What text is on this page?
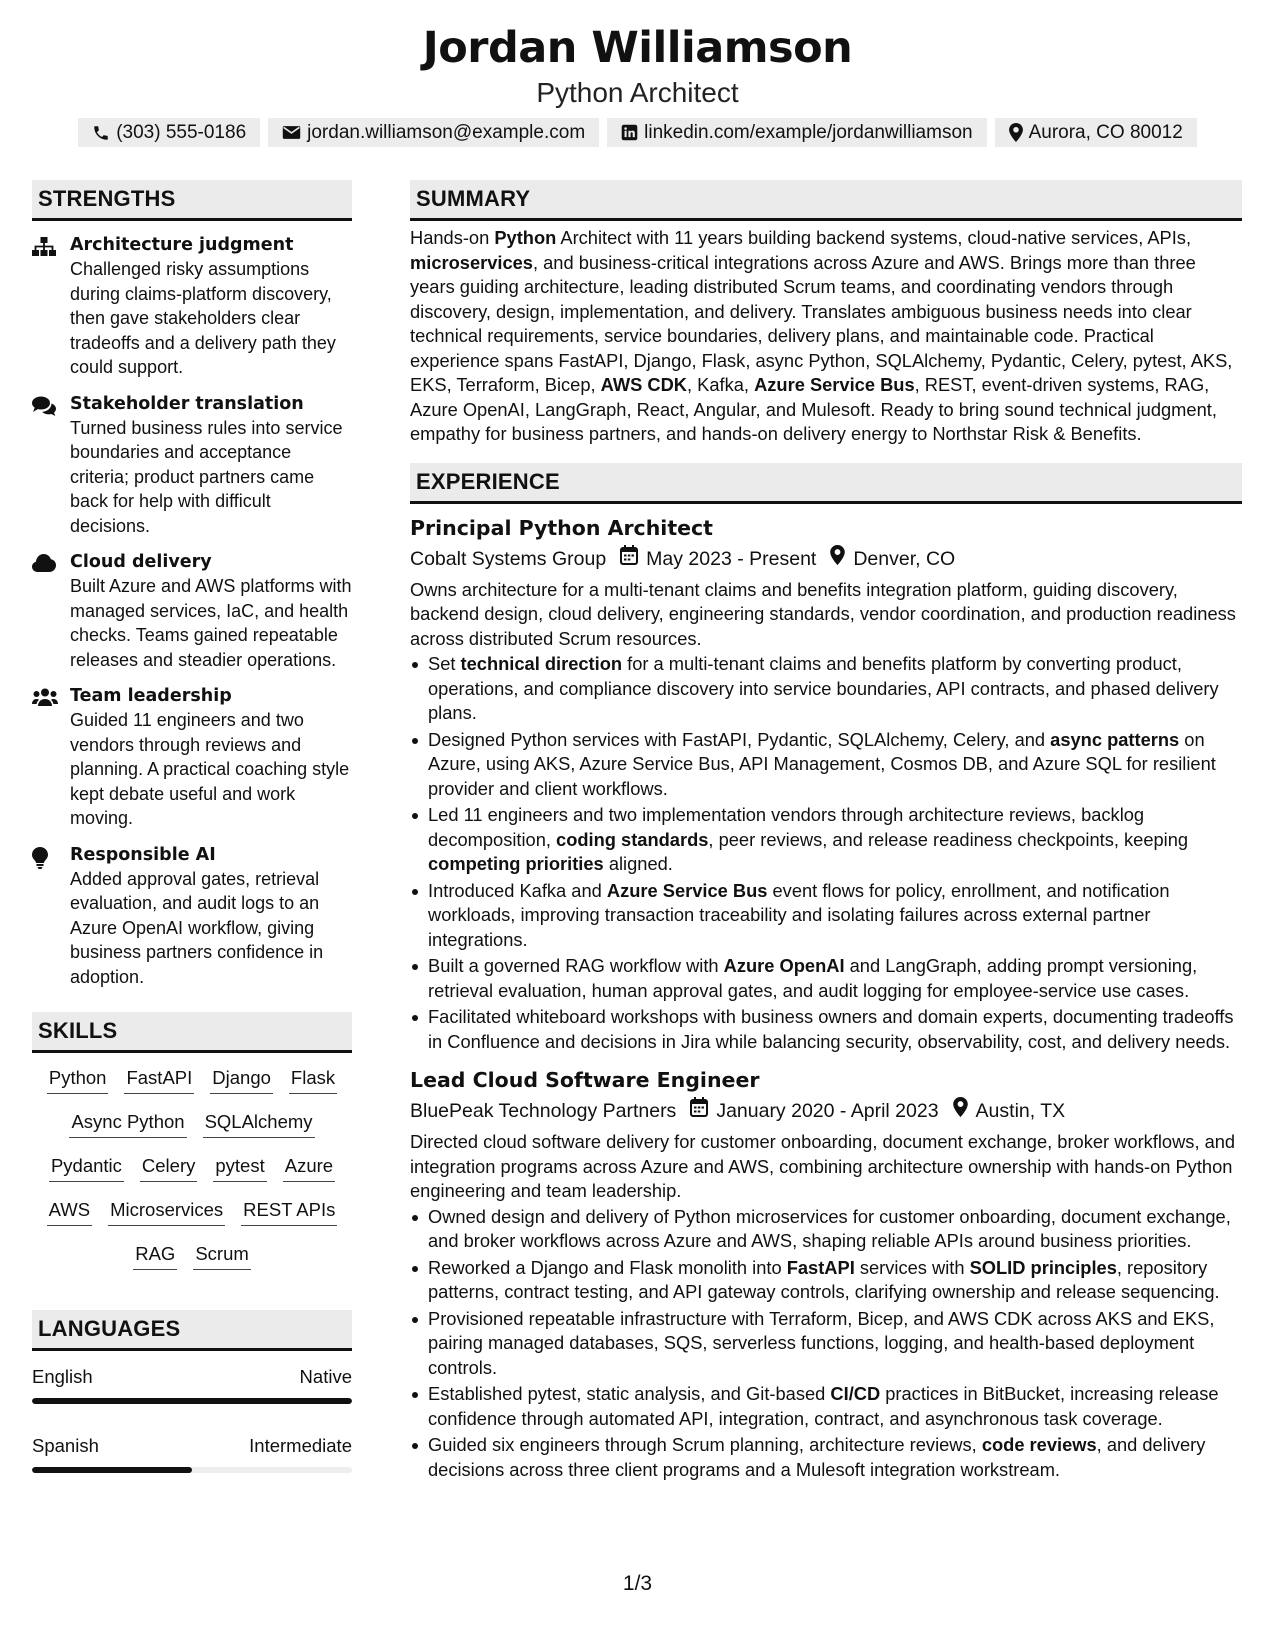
Jordan Williamson
Python Architect
(303) 555-0186	jordan.williamson@example.com	linkedin.com/example/jordanwilliamson	Aurora, CO 80012
STRENGTHS
Architecture judgment
Challenged risky assumptions during claims-platform discovery, then gave stakeholders clear tradeoffs and a delivery path they could support.
Stakeholder translation
Turned business rules into service boundaries and acceptance criteria; product partners came back for help with difficult decisions.
Cloud delivery
Built Azure and AWS platforms with managed services, IaC, and health checks. Teams gained repeatable releases and steadier operations.
Team leadership
Guided 11 engineers and two vendors through reviews and planning. A practical coaching style kept debate useful and work moving.
Responsible AI
Added approval gates, retrieval evaluation, and audit logs to an Azure OpenAI workflow, giving business partners confidence in adoption.
SKILLS
Python FastAPI Django Flask
Async Python SQLAlchemy
Pydantic Celery pytest Azure
AWS Microservices REST APIs
RAG Scrum
LANGUAGES
English	Native
Spanish	Intermediate
SUMMARY

Hands-on Python Architect with 11 years building backend systems, cloud-native services, APIs, microservices, and business-critical integrations across Azure and AWS. Brings more than three years guiding architecture, leading distributed Scrum teams, and coordinating vendors through discovery, design, implementation, and delivery. Translates ambiguous business needs into clear technical requirements, service boundaries, delivery plans, and maintainable code. Practical experience spans FastAPI, Django, Flask, async Python, SQLAlchemy, Pydantic, Celery, pytest, AKS, EKS, Terraform, Bicep, AWS CDK, Kafka, Azure Service Bus, REST, event-driven systems, RAG, Azure OpenAI, LangGraph, React, Angular, and Mulesoft. Ready to bring sound technical judgment, empathy for business partners, and hands-on delivery energy to Northstar Risk & Benefits.

EXPERIENCE
Principal Python Architect
Cobalt Systems Group May 2023 - Present Denver, CO

Owns architecture for a multi-tenant claims and benefits integration platform, guiding discovery, backend design, cloud delivery, engineering standards, vendor coordination, and production readiness across distributed Scrum resources.

Set technical direction for a multi-tenant claims and benefits platform by converting product, operations, and compliance discovery into service boundaries, API contracts, and phased delivery plans.
Designed Python services with FastAPI, Pydantic, SQLAlchemy, Celery, and async patterns on Azure, using AKS, Azure Service Bus, API Management, Cosmos DB, and Azure SQL for resilient provider and client workflows.
Led 11 engineers and two implementation vendors through architecture reviews, backlog decomposition, coding standards, peer reviews, and release readiness checkpoints, keeping competing priorities aligned.
Introduced Kafka and Azure Service Bus event flows for policy, enrollment, and notification workloads, improving transaction traceability and isolating failures across external partner integrations.
Built a governed RAG workflow with Azure OpenAI and LangGraph, adding prompt versioning, retrieval evaluation, human approval gates, and audit logging for employee-service use cases.
Facilitated whiteboard workshops with business owners and domain experts, documenting tradeoffs in Confluence and decisions in Jira while balancing security, observability, cost, and delivery needs.
Lead Cloud Software Engineer
BluePeak Technology Partners January 2020 - April 2023 Austin, TX

Directed cloud software delivery for customer onboarding, document exchange, broker workflows, and integration programs across Azure and AWS, combining architecture ownership with hands-on Python engineering and team leadership.

Owned design and delivery of Python microservices for customer onboarding, document exchange, and broker workflows across Azure and AWS, shaping reliable APIs around business priorities.
Reworked a Django and Flask monolith into FastAPI services with SOLID principles, repository patterns, contract testing, and API gateway controls, clarifying ownership and release sequencing.
Provisioned repeatable infrastructure with Terraform, Bicep, and AWS CDK across AKS and EKS, pairing managed databases, SQS, serverless functions, logging, and health-based deployment controls.
Established pytest, static analysis, and Git-based CI/CD practices in BitBucket, increasing release confidence through automated API, integration, contract, and asynchronous task coverage.
Guided six engineers through Scrum planning, architecture reviews, code reviews, and delivery decisions across three client programs and a Mulesoft integration workstream.
1/3
